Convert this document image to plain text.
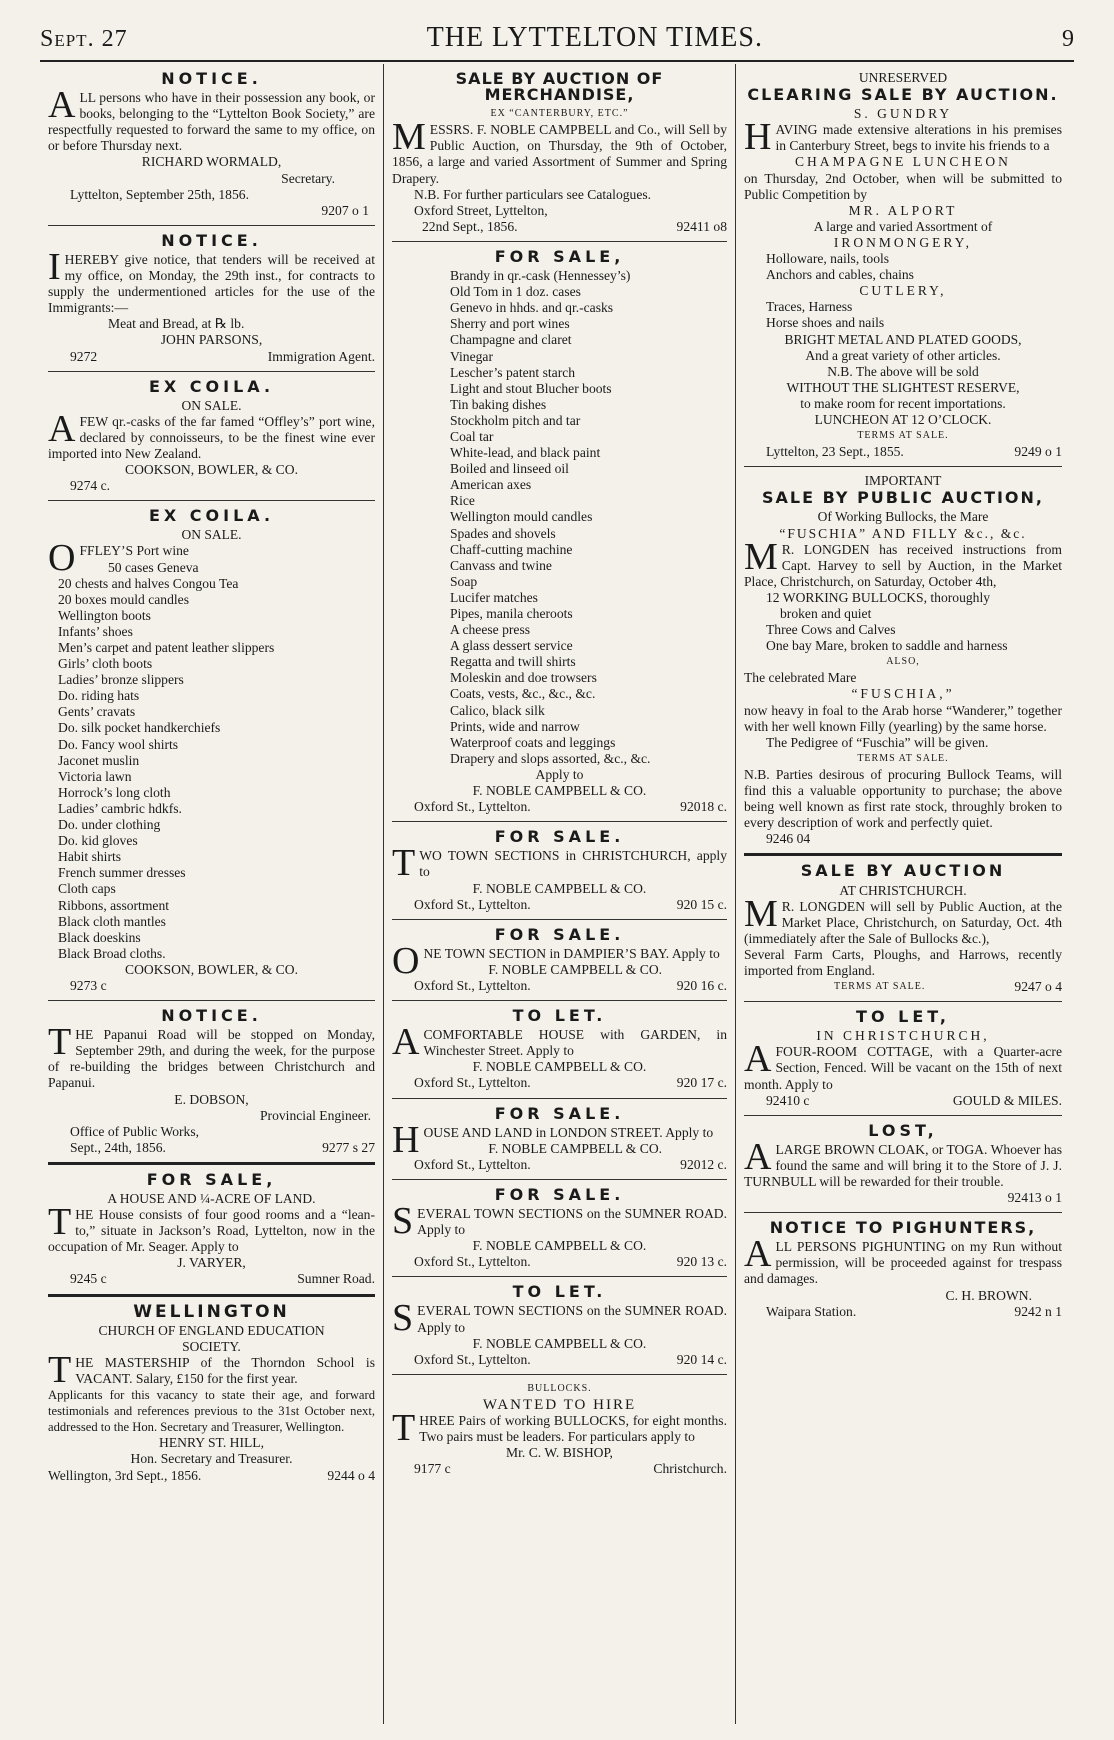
Sept. 27	THE LYTTELTON TIMES.	9
NOTICE.

ALL persons who have in their possession any book, or books, belonging to the “Lyttelton Book Society,” are respectfully requested to forward the same to my office, on or before Thursday next.

RICHARD WORMALD,
Secretary.
Lyttelton, September 25th, 1856.
9207 o 1
NOTICE.

IHEREBY give notice, that tenders will be received at my office, on Monday, the 29th inst., for contracts to supply the undermentioned articles for the use of the Immigrants:—

Meat and Bread, at ℞ lb.
JOHN PARSONS,
9272	Immigration Agent.
EX COILA.
ON SALE.

AFEW qr.-casks of the far famed “Offley’s” port wine, declared by connoisseurs, to be the finest wine ever imported into New Zealand.

COOKSON, BOWLER, & CO.
9274 c.
EX COILA.
ON SALE.

OFFLEY’S Port wine

50 cases Geneva
20 chests and halves Congou Tea
20 boxes mould candles
Wellington boots
Infants’ shoes
Men’s carpet and patent leather slippers
Girls’ cloth boots
Ladies’ bronze slippers
Do. riding hats
Gents’ cravats
Do. silk pocket handkerchiefs
Do. Fancy wool shirts
Jaconet muslin
Victoria lawn
Horrock’s long cloth
Ladies’ cambric hdkfs.
Do. under clothing
Do. kid gloves
Habit shirts
French summer dresses
Cloth caps
Ribbons, assortment
Black cloth mantles
Black doeskins
Black Broad cloths.
COOKSON, BOWLER, & CO.
9273 c
NOTICE.

THE Papanui Road will be stopped on Monday, September 29th, and during the week, for the purpose of re-building the bridges between Christchurch and Papanui.

E. DOBSON,
Provincial Engineer.
Office of Public Works,
Sept., 24th, 1856.	9277 s 27
FOR SALE,
A HOUSE AND ¼-ACRE OF LAND.

THE House consists of four good rooms and a “lean-to,” situate in Jackson’s Road, Lyttelton, now in the occupation of Mr. Seager. Apply to

J. VARYER,
9245 c	Sumner Road.
WELLINGTON
CHURCH OF ENGLAND EDUCATION
SOCIETY.

THE MASTERSHIP of the Thorndon School is VACANT. Salary, £150 for the first year.

Applicants for this vacancy to state their age, and forward testimonials and references previous to the 31st October next, addressed to the Hon. Secretary and Treasurer, Wellington.

HENRY ST. HILL,
Hon. Secretary and Treasurer.
Wellington, 3rd Sept., 1856.	9244 o 4
SALE BY AUCTION OF MERCHANDISE,
EX “CANTERBURY, ETC.”

MESSRS. F. NOBLE CAMPBELL and Co., will Sell by Public Auction, on Thursday, the 9th of October, 1856, a large and varied Assortment of Summer and Spring Drapery.

N.B. For further particulars see Catalogues.
Oxford Street, Lyttelton,
22nd Sept., 1856.	92411 o8
FOR SALE,
Brandy in qr.-cask (Hennessey’s)
Old Tom in 1 doz. cases
Genevo in hhds. and qr.-casks
Sherry and port wines
Champagne and claret
Vinegar
Lescher’s patent starch
Light and stout Blucher boots
Tin baking dishes
Stockholm pitch and tar
Coal tar
White-lead, and black paint
Boiled and linseed oil
American axes
Rice
Wellington mould candles
Spades and shovels
Chaff-cutting machine
Canvass and twine
Soap
Lucifer matches
Pipes, manila cheroots
A cheese press
A glass dessert service
Regatta and twill shirts
Moleskin and doe trowsers
Coats, vests, &c., &c., &c.
Calico, black silk
Prints, wide and narrow
Waterproof coats and leggings
Drapery and slops assorted, &c., &c.
Apply to
F. NOBLE CAMPBELL & CO.
Oxford St., Lyttelton.	92018 c.
FOR SALE.

TWO TOWN SECTIONS in CHRISTCHURCH, apply to

F. NOBLE CAMPBELL & CO.
Oxford St., Lyttelton.	920 15 c.
FOR SALE.

ONE TOWN SECTION in DAMPIER’S BAY. Apply to

F. NOBLE CAMPBELL & CO.
Oxford St., Lyttelton.	920 16 c.
TO LET.

ACOMFORTABLE HOUSE with GARDEN, in Winchester Street. Apply to

F. NOBLE CAMPBELL & CO.
Oxford St., Lyttelton.	920 17 c.
FOR SALE.

HOUSE AND LAND in LONDON STREET. Apply to

F. NOBLE CAMPBELL & CO.
Oxford St., Lyttelton.	92012 c.
FOR SALE.

SEVERAL TOWN SECTIONS on the SUMNER ROAD. Apply to

F. NOBLE CAMPBELL & CO.
Oxford St., Lyttelton.	920 13 c.
TO LET.

SEVERAL TOWN SECTIONS on the SUMNER ROAD. Apply to

F. NOBLE CAMPBELL & CO.
Oxford St., Lyttelton.	920 14 c.
BULLOCKS.
WANTED TO HIRE

THREE Pairs of working BULLOCKS, for eight months. Two pairs must be leaders. For particulars apply to

Mr. C. W. BISHOP,
9177 c	Christchurch.
UNRESERVED
CLEARING SALE BY AUCTION.
S. GUNDRY

HAVING made extensive alterations in his premises in Canterbury Street, begs to invite his friends to a

CHAMPAGNE LUNCHEON

on Thursday, 2nd October, when will be submitted to Public Competition by

MR. ALPORT
A large and varied Assortment of
IRONMONGERY,
Holloware, nails, tools
Anchors and cables, chains
CUTLERY,
Traces, Harness
Horse shoes and nails
BRIGHT METAL AND PLATED GOODS,
And a great variety of other articles.
N.B. The above will be sold
WITHOUT THE SLIGHTEST RESERVE,
to make room for recent importations.
LUNCHEON AT 12 O’CLOCK.
TERMS AT SALE.
Lyttelton, 23 Sept., 1855.	9249 o 1
IMPORTANT
SALE BY PUBLIC AUCTION,
Of Working Bullocks, the Mare
“FUSCHIA” AND FILLY &c., &c.

MR. LONGDEN has received instructions from Capt. Harvey to sell by Auction, in the Market Place, Christchurch, on Saturday, October 4th,

12 WORKING BULLOCKS, thoroughly
broken and quiet
Three Cows and Calves
One bay Mare, broken to saddle and harness
ALSO,
The celebrated Mare
“FUSCHIA,”

now heavy in foal to the Arab horse “Wanderer,” together with her well known Filly (yearling) by the same horse.

The Pedigree of “Fuschia” will be given.
TERMS AT SALE.

N.B. Parties desirous of procuring Bullock Teams, will find this a valuable opportunity to purchase; the above being well known as first rate stock, throughly broken to every description of work and perfectly quiet.

9246 04
SALE BY AUCTION
AT CHRISTCHURCH.

MR. LONGDEN will sell by Public Auction, at the Market Place, Christchurch, on Saturday, Oct. 4th (immediately after the Sale of Bullocks &c.),

Several Farm Carts, Ploughs, and Harrows, recently imported from England.

TERMS AT SALE.	9247 o 4
TO LET,
IN CHRISTCHURCH,

AFOUR-ROOM COTTAGE, with a Quarter-acre Section, Fenced. Will be vacant on the 15th of next month. Apply to

92410 c	GOULD & MILES.
LOST,

ALARGE BROWN CLOAK, or TOGA. Whoever has found the same and will bring it to the Store of J. J. TURNBULL will be rewarded for their trouble.

92413 o 1
NOTICE TO PIGHUNTERS,

ALL PERSONS PIGHUNTING on my Run without permission, will be proceeded against for trespass and damages.

C. H. BROWN.
Waipara Station.	9242 n 1
